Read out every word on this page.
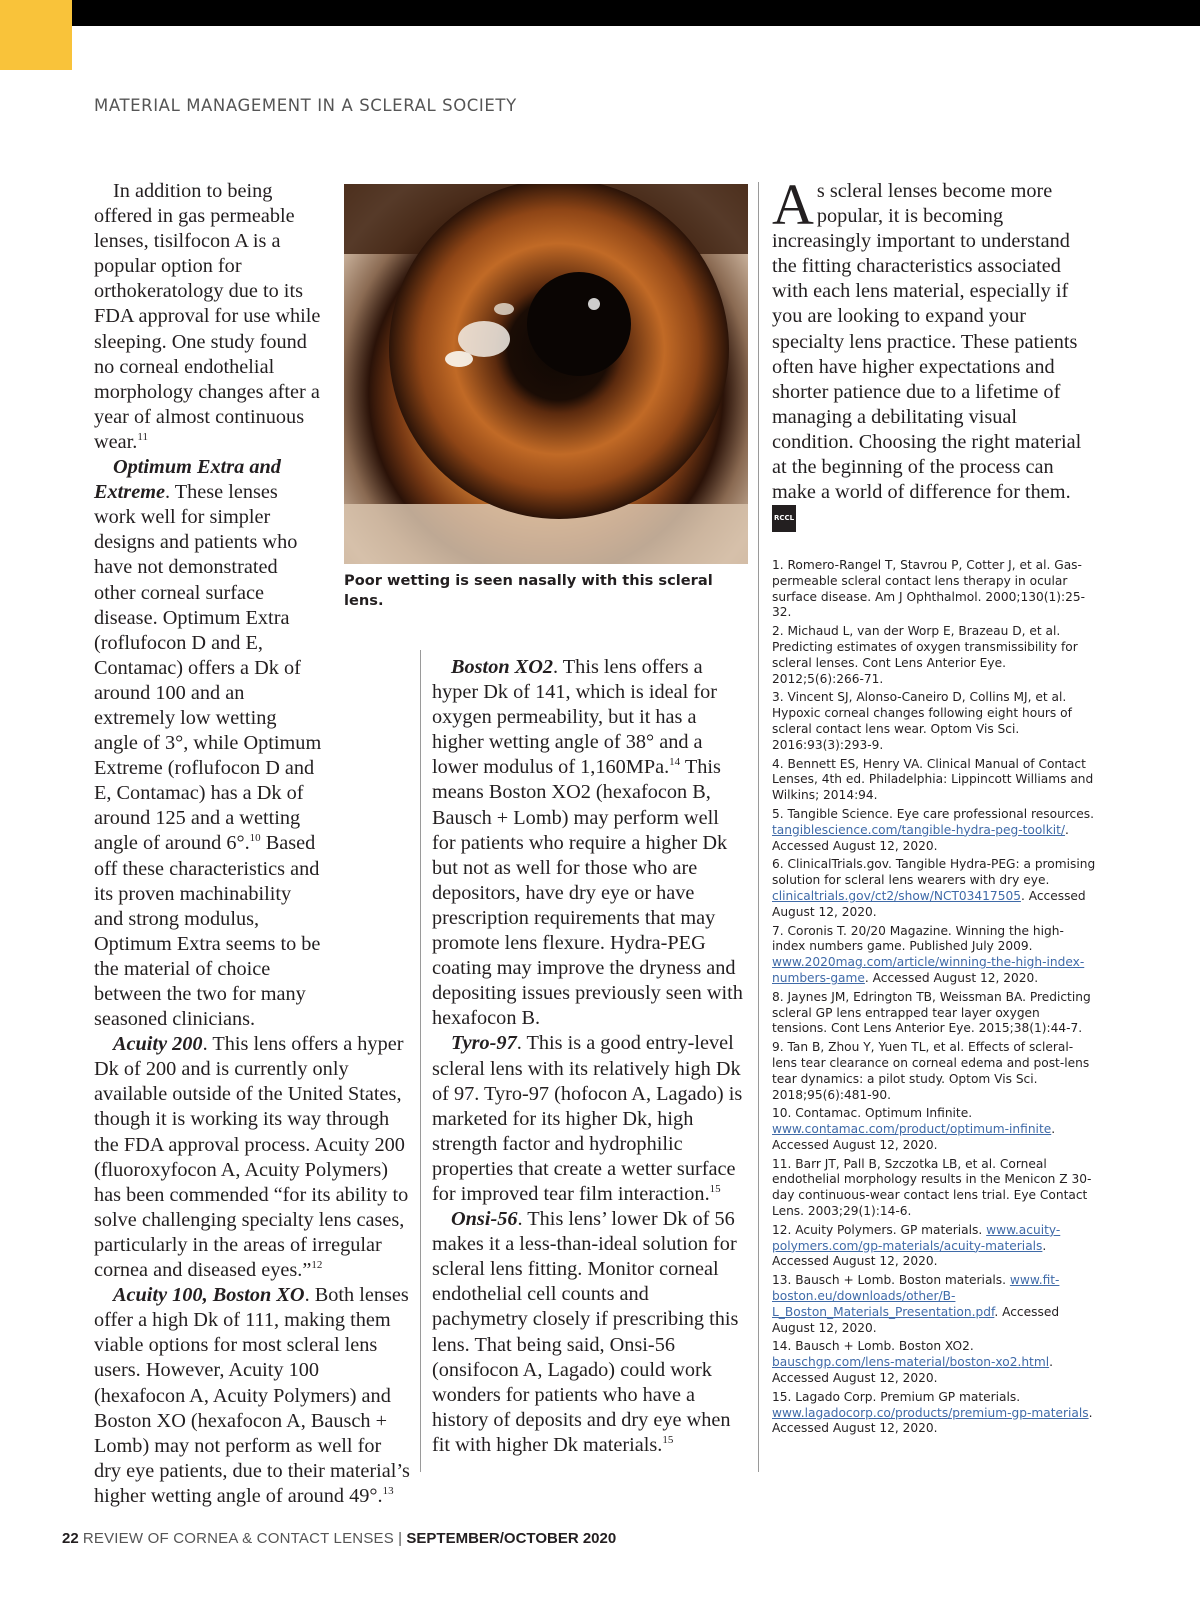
MATERIAL MANAGEMENT IN A SCLERAL SOCIETY

In addition to being offered in gas permeable lenses, tisilfocon A is a popular option for orthokeratology due to its FDA approval for use while sleeping. One study found no corneal endothelial morphology changes after a year of almost continuous wear.$^{11}$

Optimum Extra and Extreme. These lenses work well for simpler designs and patients who have not demonstrated other corneal surface disease. Optimum Extra (roflufocon D and E, Contamac) offers a Dk of around 100 and an extremely low wetting angle of 3°, while Optimum Extreme (roflufocon D and E, Contamac) has a Dk of around 125 and a wetting angle of around 6°.$^{10}$ Based off these characteristics and its proven machinability and strong modulus, Optimum Extra seems to be the material of choice between the two for many seasoned clinicians.

Acuity 200. This lens offers a hyper Dk of 200 and is currently only available outside of the United States, though it is working its way through the FDA approval process. Acuity 200 (fluoroxyfocon A, Acuity Polymers) has been commended “for its ability to solve challenging specialty lens cases, particularly in the areas of irregular cornea and diseased eyes.”$^{12}$

Acuity 100, Boston XO. Both lenses offer a high Dk of 111, making them viable options for most scleral lens users. However, Acuity 100 (hexafocon A, Acuity Polymers) and Boston XO (hexafocon A, Bausch + Lomb) may not perform as well for dry eye patients, due to their material’s higher wetting angle of around 49°.$^{13}$

Poor wetting is seen nasally with this scleral lens.

Boston XO2. This lens offers a hyper Dk of 141, which is ideal for oxygen permeability, but it has a higher wetting angle of 38° and a lower modulus of 1,160MPa.$^{14}$ This means Boston XO2 (hexafocon B, Bausch + Lomb) may perform well for patients who require a higher Dk but not as well for those who are depositors, have dry eye or have prescription requirements that may promote lens flexure. Hydra-PEG coating may improve the dryness and depositing issues previously seen with hexafocon B.

Tyro-97. This is a good entry-level scleral lens with its relatively high Dk of 97. Tyro-97 (hofocon A, Lagado) is marketed for its higher Dk, high strength factor and hydrophilic properties that create a wetter surface for improved tear film interaction.$^{15}$

Onsi-56. This lens’ lower Dk of 56 makes it a less-than-ideal solution for scleral lens fitting. Monitor corneal endothelial cell counts and pachymetry closely if prescribing this lens. That being said, Onsi-56 (onsifocon A, Lagado) could work wonders for patients who have a history of deposits and dry eye when fit with higher Dk materials.$^{15}$

As scleral lenses become more popular, it is becoming increasingly important to understand the fitting characteristics associated with each lens material, especially if you are looking to expand your specialty lens practice. These patients often have higher expectations and shorter patience due to a lifetime of managing a debilitating visual condition. Choosing the right material at the beginning of the process can make a world of difference for them. RCCL

1. Romero-Rangel T, Stavrou P, Cotter J, et al. Gas-permeable scleral contact lens therapy in ocular surface disease. Am J Ophthalmol. 2000;130(1):25-32.

2. Michaud L, van der Worp E, Brazeau D, et al. Predicting estimates of oxygen transmissibility for scleral lenses. Cont Lens Anterior Eye. 2012;5(6):266-71.

3. Vincent SJ, Alonso-Caneiro D, Collins MJ, et al. Hypoxic corneal changes following eight hours of scleral contact lens wear. Optom Vis Sci. 2016:93(3):293-9.

4. Bennett ES, Henry VA. Clinical Manual of Contact Lenses, 4th ed. Philadelphia: Lippincott Williams and Wilkins; 2014:94.

5. Tangible Science. Eye care professional resources. tangiblescience.com/tangible-hydra-peg-toolkit/. Accessed August 12, 2020.

6. ClinicalTrials.gov. Tangible Hydra-PEG: a promising solution for scleral lens wearers with dry eye. clinicaltrials.gov/ct2/show/NCT03417505. Accessed August 12, 2020.

7. Coronis T. 20/20 Magazine. Winning the high-index numbers game. Published July 2009. www.2020mag.com/article/winning-the-high-index-numbers-game. Accessed August 12, 2020.

8. Jaynes JM, Edrington TB, Weissman BA. Predicting scleral GP lens entrapped tear layer oxygen tensions. Cont Lens Anterior Eye. 2015;38(1):44-7.

9. Tan B, Zhou Y, Yuen TL, et al. Effects of scleral-lens tear clearance on corneal edema and post-lens tear dynamics: a pilot study. Optom Vis Sci. 2018;95(6):481-90.

10. Contamac. Optimum Infinite. www.contamac.com/product/optimum-infinite. Accessed August 12, 2020.

11. Barr JT, Pall B, Szczotka LB, et al. Corneal endothelial morphology results in the Menicon Z 30-day continuous-wear contact lens trial. Eye Contact Lens. 2003;29(1):14-6.

12. Acuity Polymers. GP materials. www.acuity-polymers.com/gp-materials/acuity-materials. Accessed August 12, 2020.

13. Bausch + Lomb. Boston materials. www.fit-boston.eu/downloads/other/B-L_Boston_Materials_Presentation.pdf. Accessed August 12, 2020.

14. Bausch + Lomb. Boston XO2. bauschgp.com/lens-material/boston-xo2.html. Accessed August 12, 2020.

15. Lagado Corp. Premium GP materials. www.lagadocorp.co/products/premium-gp-materials. Accessed August 12, 2020.

22 REVIEW OF CORNEA & CONTACT LENSES | SEPTEMBER/OCTOBER 2020
